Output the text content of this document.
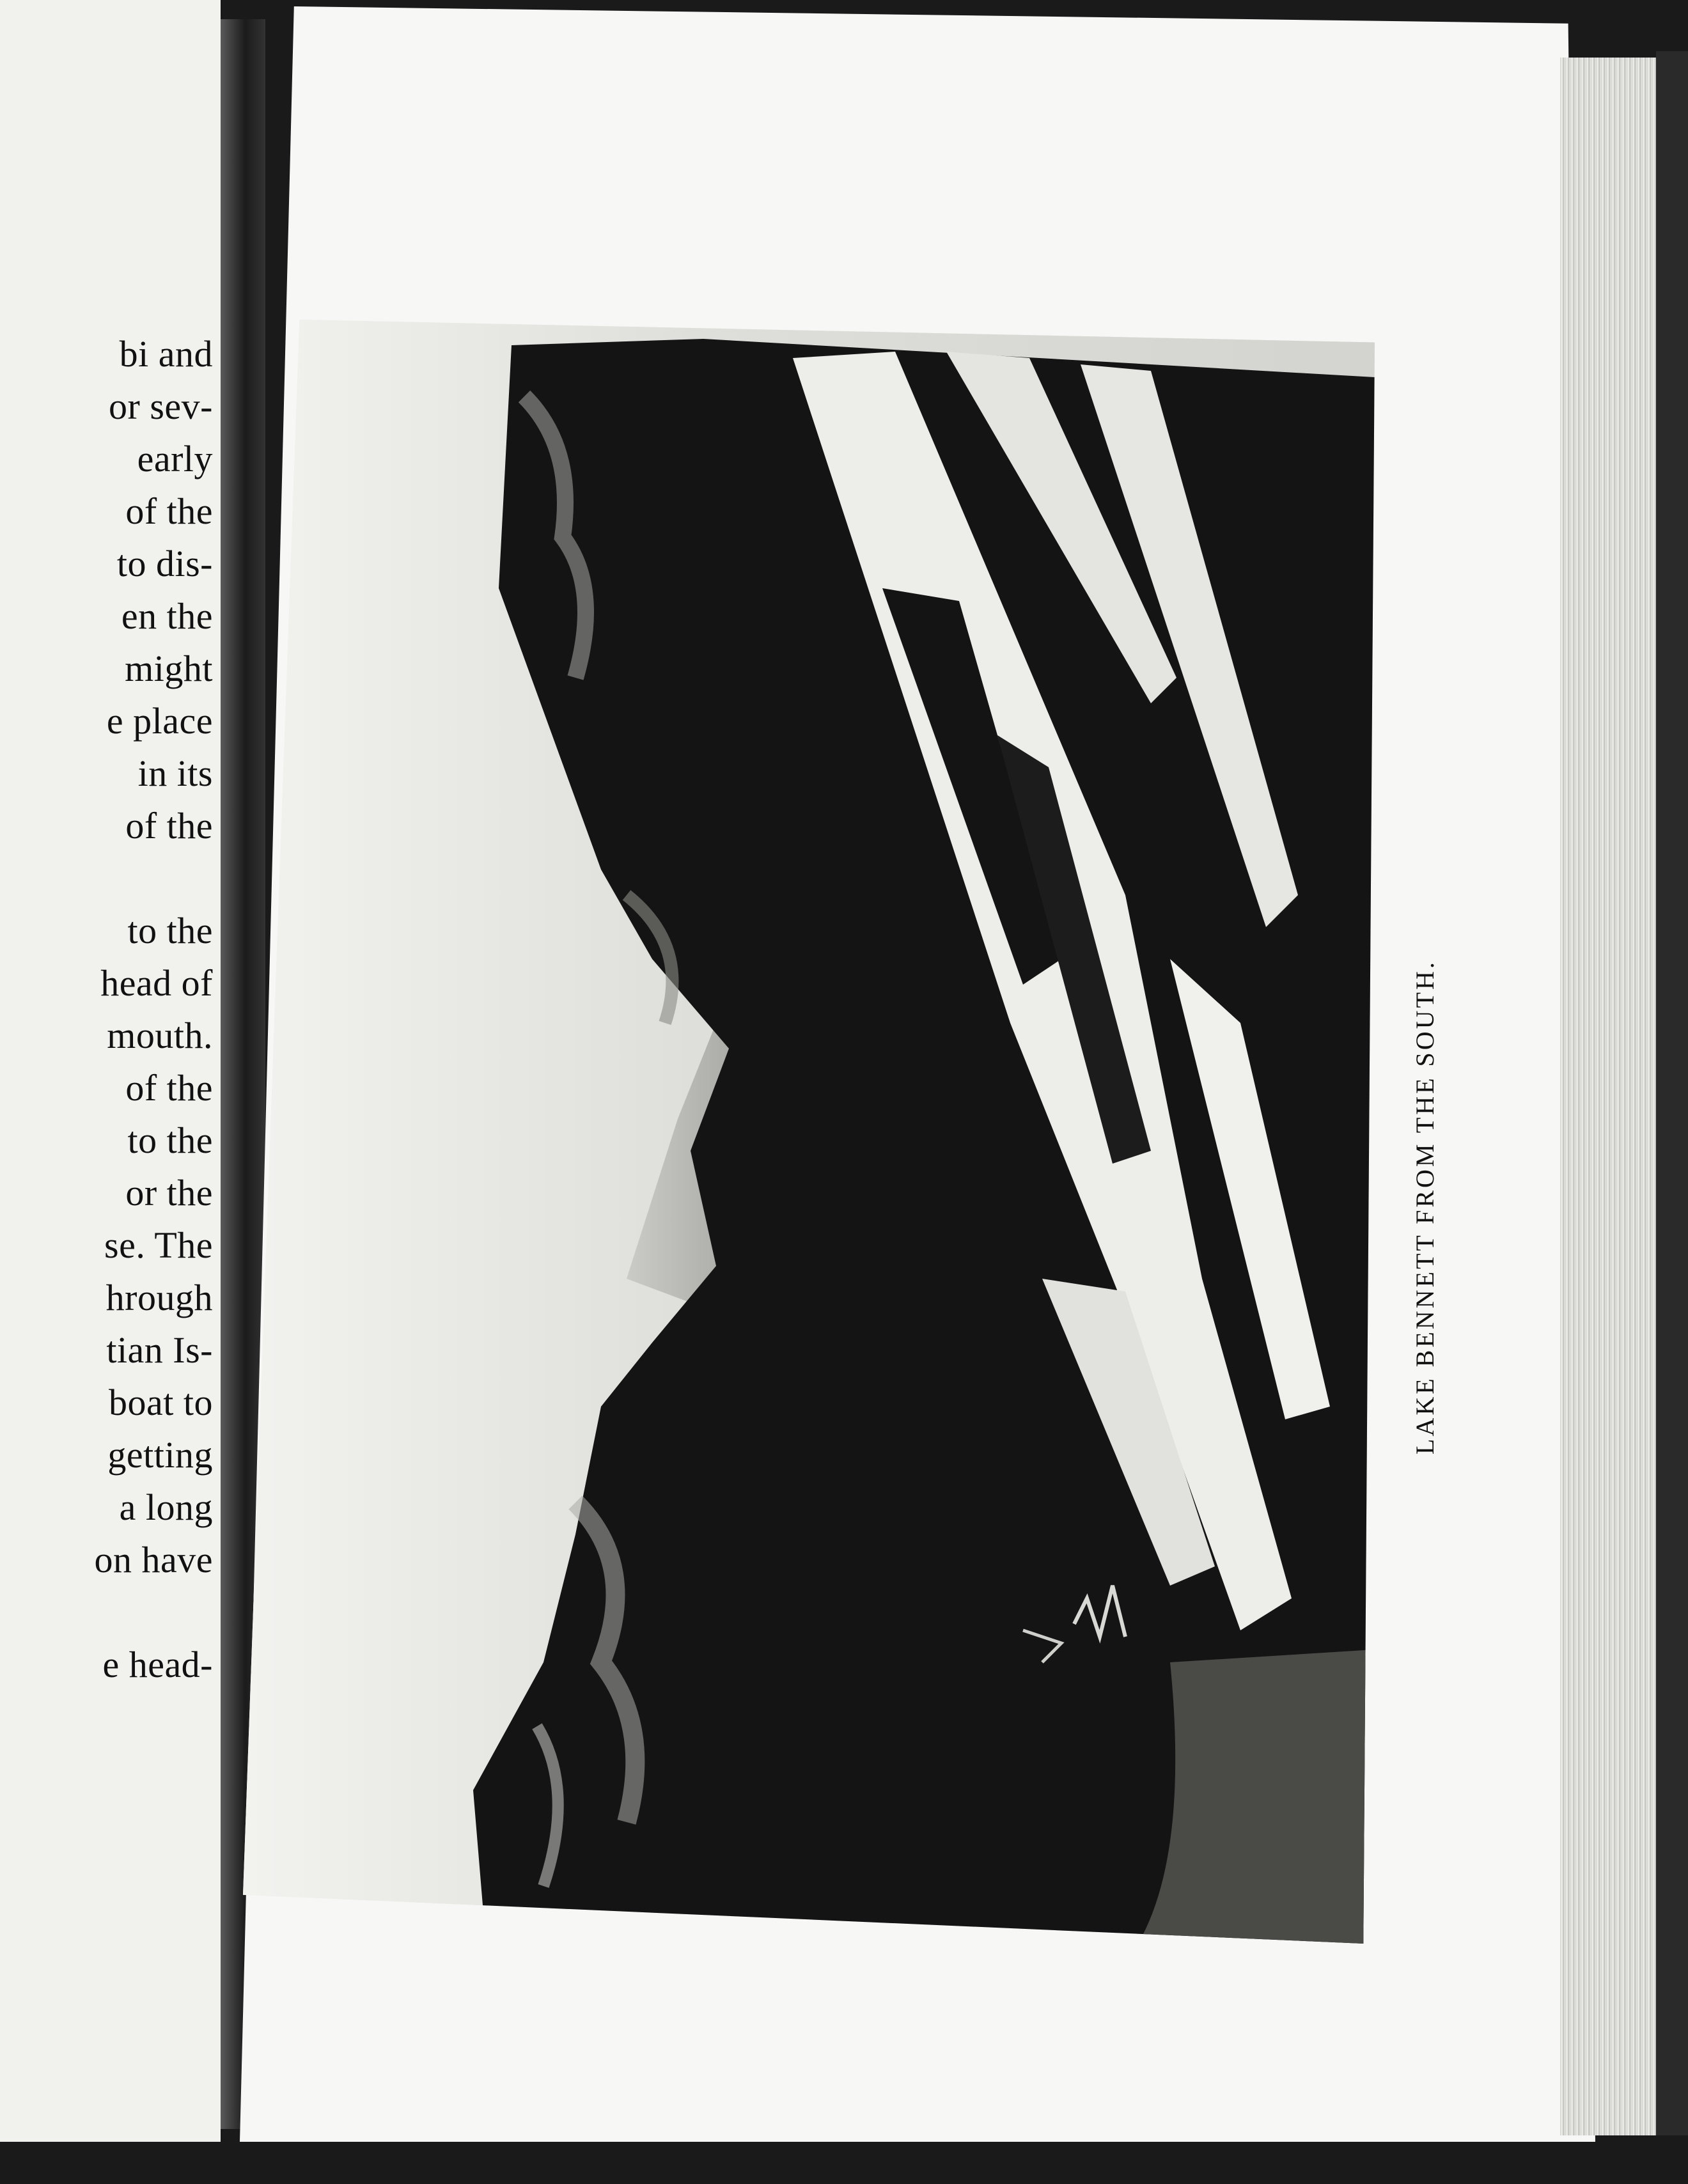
bi and
or sev-
early
of the
to dis-
en the
might
e place
in its
of the
to the
head of
mouth.
of the
to the
or the
se. The
hrough
tian Is-
boat to
getting
a long
on have
e head-
LAKE BENNETT FROM THE SOUTH.
